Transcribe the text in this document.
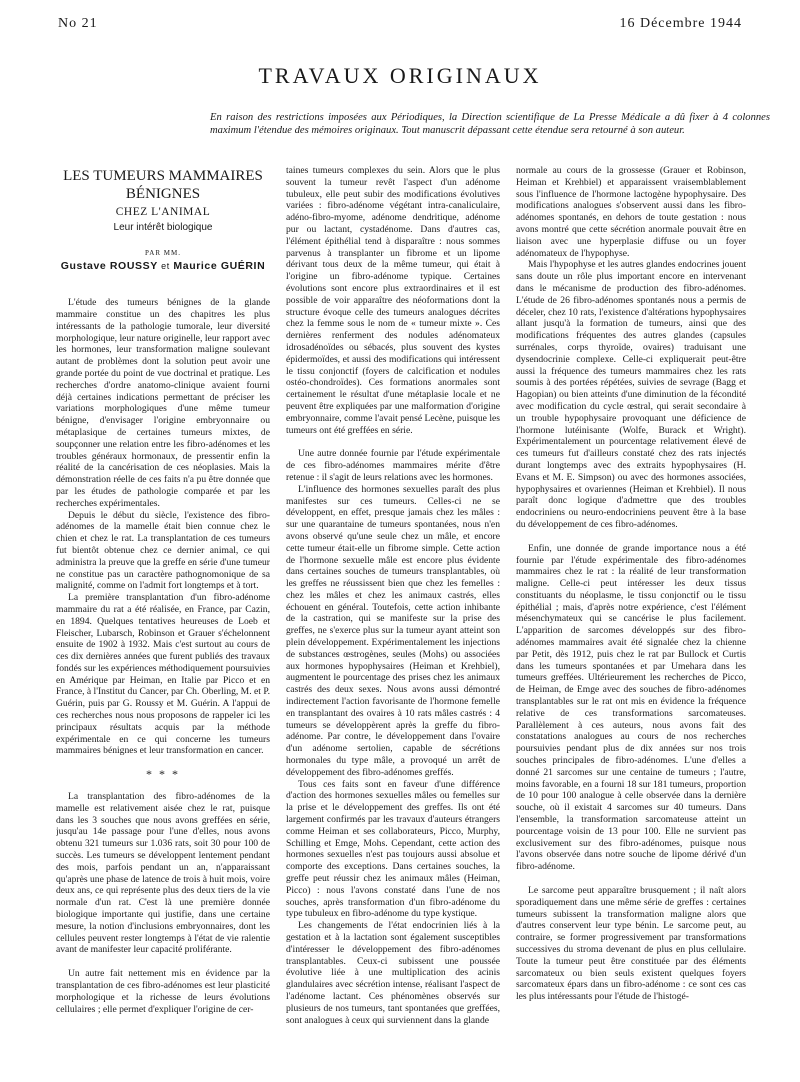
No 21	16 Décembre 1944
TRAVAUX ORIGINAUX
En raison des restrictions imposées aux Périodiques, la Direction scientifique de La Presse Médicale a dû fixer à 4 colonnes maximum l'étendue des mémoires originaux. Tout manuscrit dépassant cette étendue sera retourné à son auteur.
LES TUMEURS MAMMAIRES BÉNIGNES
CHEZ L'ANIMAL
Leur intérêt biologique
PAR MM.
Gustave ROUSSY et Maurice GUÉRIN

L'étude des tumeurs bénignes de la glande mammaire constitue un des chapitres les plus intéressants de la pathologie tumorale, leur diversité morphologique, leur nature originelle, leur rapport avec les hormones, leur transformation maligne soulevant autant de problèmes dont la solution peut avoir une grande portée du point de vue doctrinal et pratique. Les recherches d'ordre anatomo-clinique avaient fourni déjà certaines indications permettant de préciser les variations morphologiques d'une même tumeur bénigne, d'envisager l'origine embryonnaire ou métaplasique de certaines tumeurs mixtes, de soupçonner une relation entre les fibro-adénomes et les troubles généraux hormonaux, de pressentir enfin la réalité de la cancérisation de ces néoplasies. Mais la démonstration réelle de ces faits n'a pu être donnée que par les études de pathologie comparée et par les recherches expérimentales.

Depuis le début du siècle, l'existence des fibro-adénomes de la mamelle était bien connue chez le chien et chez le rat. La transplantation de ces tumeurs fut bientôt obtenue chez ce dernier animal, ce qui administra la preuve que la greffe en série d'une tumeur ne constitue pas un caractère pathognomonique de sa malignité, comme on l'admit fort longtemps et à tort.

La première transplantation d'un fibro-adénome mammaire du rat a été réalisée, en France, par Cazin, en 1894. Quelques tentatives heureuses de Loeb et Fleischer, Lubarsch, Robinson et Grauer s'échelonnent ensuite de 1902 à 1932. Mais c'est surtout au cours de ces dix dernières années que furent publiés des travaux fondés sur les expériences méthodiquement poursuivies en Amérique par Heiman, en Italie par Picco et en France, à l'Institut du Cancer, par Ch. Oberling, M. et P. Guérin, puis par G. Roussy et M. Guérin. A l'appui de ces recherches nous nous proposons de rappeler ici les principaux résultats acquis par la méthode expérimentale en ce qui concerne les tumeurs mammaires bénignes et leur transformation en cancer.

* * *

La transplantation des fibro-adénomes de la mamelle est relativement aisée chez le rat, puisque dans les 3 souches que nous avons greffées en série, jusqu'au 14e passage pour l'une d'elles, nous avons obtenu 321 tumeurs sur 1.036 rats, soit 30 pour 100 de succès. Les tumeurs se développent lentement pendant des mois, parfois pendant un an, n'apparaissant qu'après une phase de latence de trois à huit mois, voire deux ans, ce qui représente plus des deux tiers de la vie normale d'un rat. C'est là une première donnée biologique importante qui justifie, dans une certaine mesure, la notion d'inclusions embryonnaires, dont les cellules peuvent rester longtemps à l'état de vie ralentie avant de manifester leur capacité proliférante.

Un autre fait nettement mis en évidence par la transplantation de ces fibro-adénomes est leur plasticité morphologique et la richesse de leurs évolutions cellulaires ; elle permet d'expliquer l'origine de cer-

taines tumeurs complexes du sein. Alors que le plus souvent la tumeur revêt l'aspect d'un adénome tubuleux, elle peut subir des modifications évolutives variées : fibro-adénome végétant intra-canaliculaire, adéno-fibro-myome, adénome dendritique, adénome pur ou lactant, cystadénome. Dans d'autres cas, l'élément épithélial tend à disparaître : nous sommes parvenus à transplanter un fibrome et un lipome dérivant tous deux de la même tumeur, qui était à l'origine un fibro-adénome typique. Certaines évolutions sont encore plus extraordinaires et il est possible de voir apparaître des néoformations dont la structure évoque celle des tumeurs analogues décrites chez la femme sous le nom de « tumeur mixte ». Ces dernières renferment des nodules adénomateux idrosadénoïdes ou sébacés, plus souvent des kystes épidermoïdes, et aussi des modifications qui intéressent le tissu conjonctif (foyers de calcification et nodules ostéo-chondroïdes). Ces formations anormales sont certainement le résultat d'une métaplasie locale et ne peuvent être expliquées par une malformation d'origine embryonnaire, comme l'avait pensé Lecène, puisque les tumeurs ont été greffées en série.

Une autre donnée fournie par l'étude expérimentale de ces fibro-adénomes mammaires mérite d'être retenue : il s'agit de leurs relations avec les hormones.

L'influence des hormones sexuelles paraît des plus manifestes sur ces tumeurs. Celles-ci ne se développent, en effet, presque jamais chez les mâles : sur une quarantaine de tumeurs spontanées, nous n'en avons observé qu'une seule chez un mâle, et encore cette tumeur était-elle un fibrome simple. Cette action de l'hormone sexuelle mâle est encore plus évidente dans certaines souches de tumeurs transplantables, où les greffes ne réussissent bien que chez les femelles : chez les mâles et chez les animaux castrés, elles échouent en général. Toutefois, cette action inhibante de la castration, qui se manifeste sur la prise des greffes, ne s'exerce plus sur la tumeur ayant atteint son plein développement. Expérimentalement les injections de substances œstrogènes, seules (Mohs) ou associées aux hormones hypophysaires (Heiman et Krehbiel), augmentent le pourcentage des prises chez les animaux castrés des deux sexes. Nous avons aussi démontré indirectement l'action favorisante de l'hormone femelle en transplantant des ovaires à 10 rats mâles castrés : 4 tumeurs se développèrent après la greffe du fibro-adénome. Par contre, le développement dans l'ovaire d'un adénome sertolien, capable de sécrétions hormonales du type mâle, a provoqué un arrêt de développement des fibro-adénomes greffés.

Tous ces faits sont en faveur d'une différence d'action des hormones sexuelles mâles ou femelles sur la prise et le développement des greffes. Ils ont été largement confirmés par les travaux d'auteurs étrangers comme Heiman et ses collaborateurs, Picco, Murphy, Schilling et Emge, Mohs. Cependant, cette action des hormones sexuelles n'est pas toujours aussi absolue et comporte des exceptions. Dans certaines souches, la greffe peut réussir chez les animaux mâles (Heiman, Picco) : nous l'avons constaté dans l'une de nos souches, après transformation d'un fibro-adénome du type tubuleux en fibro-adénome du type kystique.

Les changements de l'état endocrinien liés à la gestation et à la lactation sont également susceptibles d'intéresser le développement des fibro-adénomes transplantables. Ceux-ci subissent une poussée évolutive liée à une multiplication des acinis glandulaires avec sécrétion intense, réalisant l'aspect de l'adénome lactant. Ces phénomènes observés sur plusieurs de nos tumeurs, tant spontanées que greffées, sont analogues à ceux qui surviennent dans la glande

normale au cours de la grossesse (Grauer et Robinson, Heiman et Krehbiel) et apparaissent vraisemblablement sous l'influence de l'hormone lactogène hypophysaire. Des modifications analogues s'observent aussi dans les fibro-adénomes spontanés, en dehors de toute gestation : nous avons montré que cette sécrétion anormale pouvait être en liaison avec une hyperplasie diffuse ou un foyer adénomateux de l'hypophyse.

Mais l'hypophyse et les autres glandes endocrines jouent sans doute un rôle plus important encore en intervenant dans le mécanisme de production des fibro-adénomes. L'étude de 26 fibro-adénomes spontanés nous a permis de déceler, chez 10 rats, l'existence d'altérations hypophysaires allant jusqu'à la formation de tumeurs, ainsi que des modifications fréquentes des autres glandes (capsules surrénales, corps thyroïde, ovaires) traduisant une dysendocrinie complexe. Celle-ci expliquerait peut-être aussi la fréquence des tumeurs mammaires chez les rats soumis à des portées répétées, suivies de sevrage (Bagg et Hagopian) ou bien atteints d'une diminution de la fécondité avec modification du cycle œstral, qui serait secondaire à un trouble hypophysaire provoquant une déficience de l'hormone lutéinisante (Wolfe, Burack et Wright). Expérimentalement un pourcentage relativement élevé de ces tumeurs fut d'ailleurs constaté chez des rats injectés durant longtemps avec des extraits hypophysaires (H. Evans et M. E. Simpson) ou avec des hormones associées, hypophysaires et ovariennes (Heiman et Krehbiel). Il nous paraît donc logique d'admettre que des troubles endocriniens ou neuro-endocriniens peuvent être à la base du développement de ces fibro-adénomes.

Enfin, une donnée de grande importance nous a été fournie par l'étude expérimentale des fibro-adénomes mammaires chez le rat : la réalité de leur transformation maligne. Celle-ci peut intéresser les deux tissus constituants du néoplasme, le tissu conjonctif ou le tissu épithélial ; mais, d'après notre expérience, c'est l'élément mésenchymateux qui se cancérise le plus facilement. L'apparition de sarcomes développés sur des fibro-adénomes mammaires avait été signalée chez la chienne par Petit, dès 1912, puis chez le rat par Bullock et Curtis dans les tumeurs spontanées et par Umehara dans les tumeurs greffées. Ultérieurement les recherches de Picco, de Heiman, de Emge avec des souches de fibro-adénomes transplantables sur le rat ont mis en évidence la fréquence relative de ces transformations sarcomateuses. Parallèlement à ces auteurs, nous avons fait des constatations analogues au cours de nos recherches poursuivies pendant plus de dix années sur nos trois souches principales de fibro-adénomes. L'une d'elles a donné 21 sarcomes sur une centaine de tumeurs ; l'autre, moins favorable, en a fourni 18 sur 181 tumeurs, proportion de 10 pour 100 analogue à celle observée dans la dernière souche, où il existait 4 sarcomes sur 40 tumeurs. Dans l'ensemble, la transformation sarcomateuse atteint un pourcentage voisin de 13 pour 100. Elle ne survient pas exclusivement sur des fibro-adénomes, puisque nous l'avons observée dans notre souche de lipome dérivé d'un fibro-adénome.

Le sarcome peut apparaître brusquement ; il naît alors sporadiquement dans une même série de greffes : certaines tumeurs subissent la transformation maligne alors que d'autres conservent leur type bénin. Le sarcome peut, au contraire, se former progressivement par transformations successives du stroma devenant de plus en plus cellulaire. Toute la tumeur peut être constituée par des éléments sarcomateux ou bien seuls existent quelques foyers sarcomateux épars dans un fibro-adénome : ce sont ces cas les plus intéressants pour l'étude de l'histogé-
